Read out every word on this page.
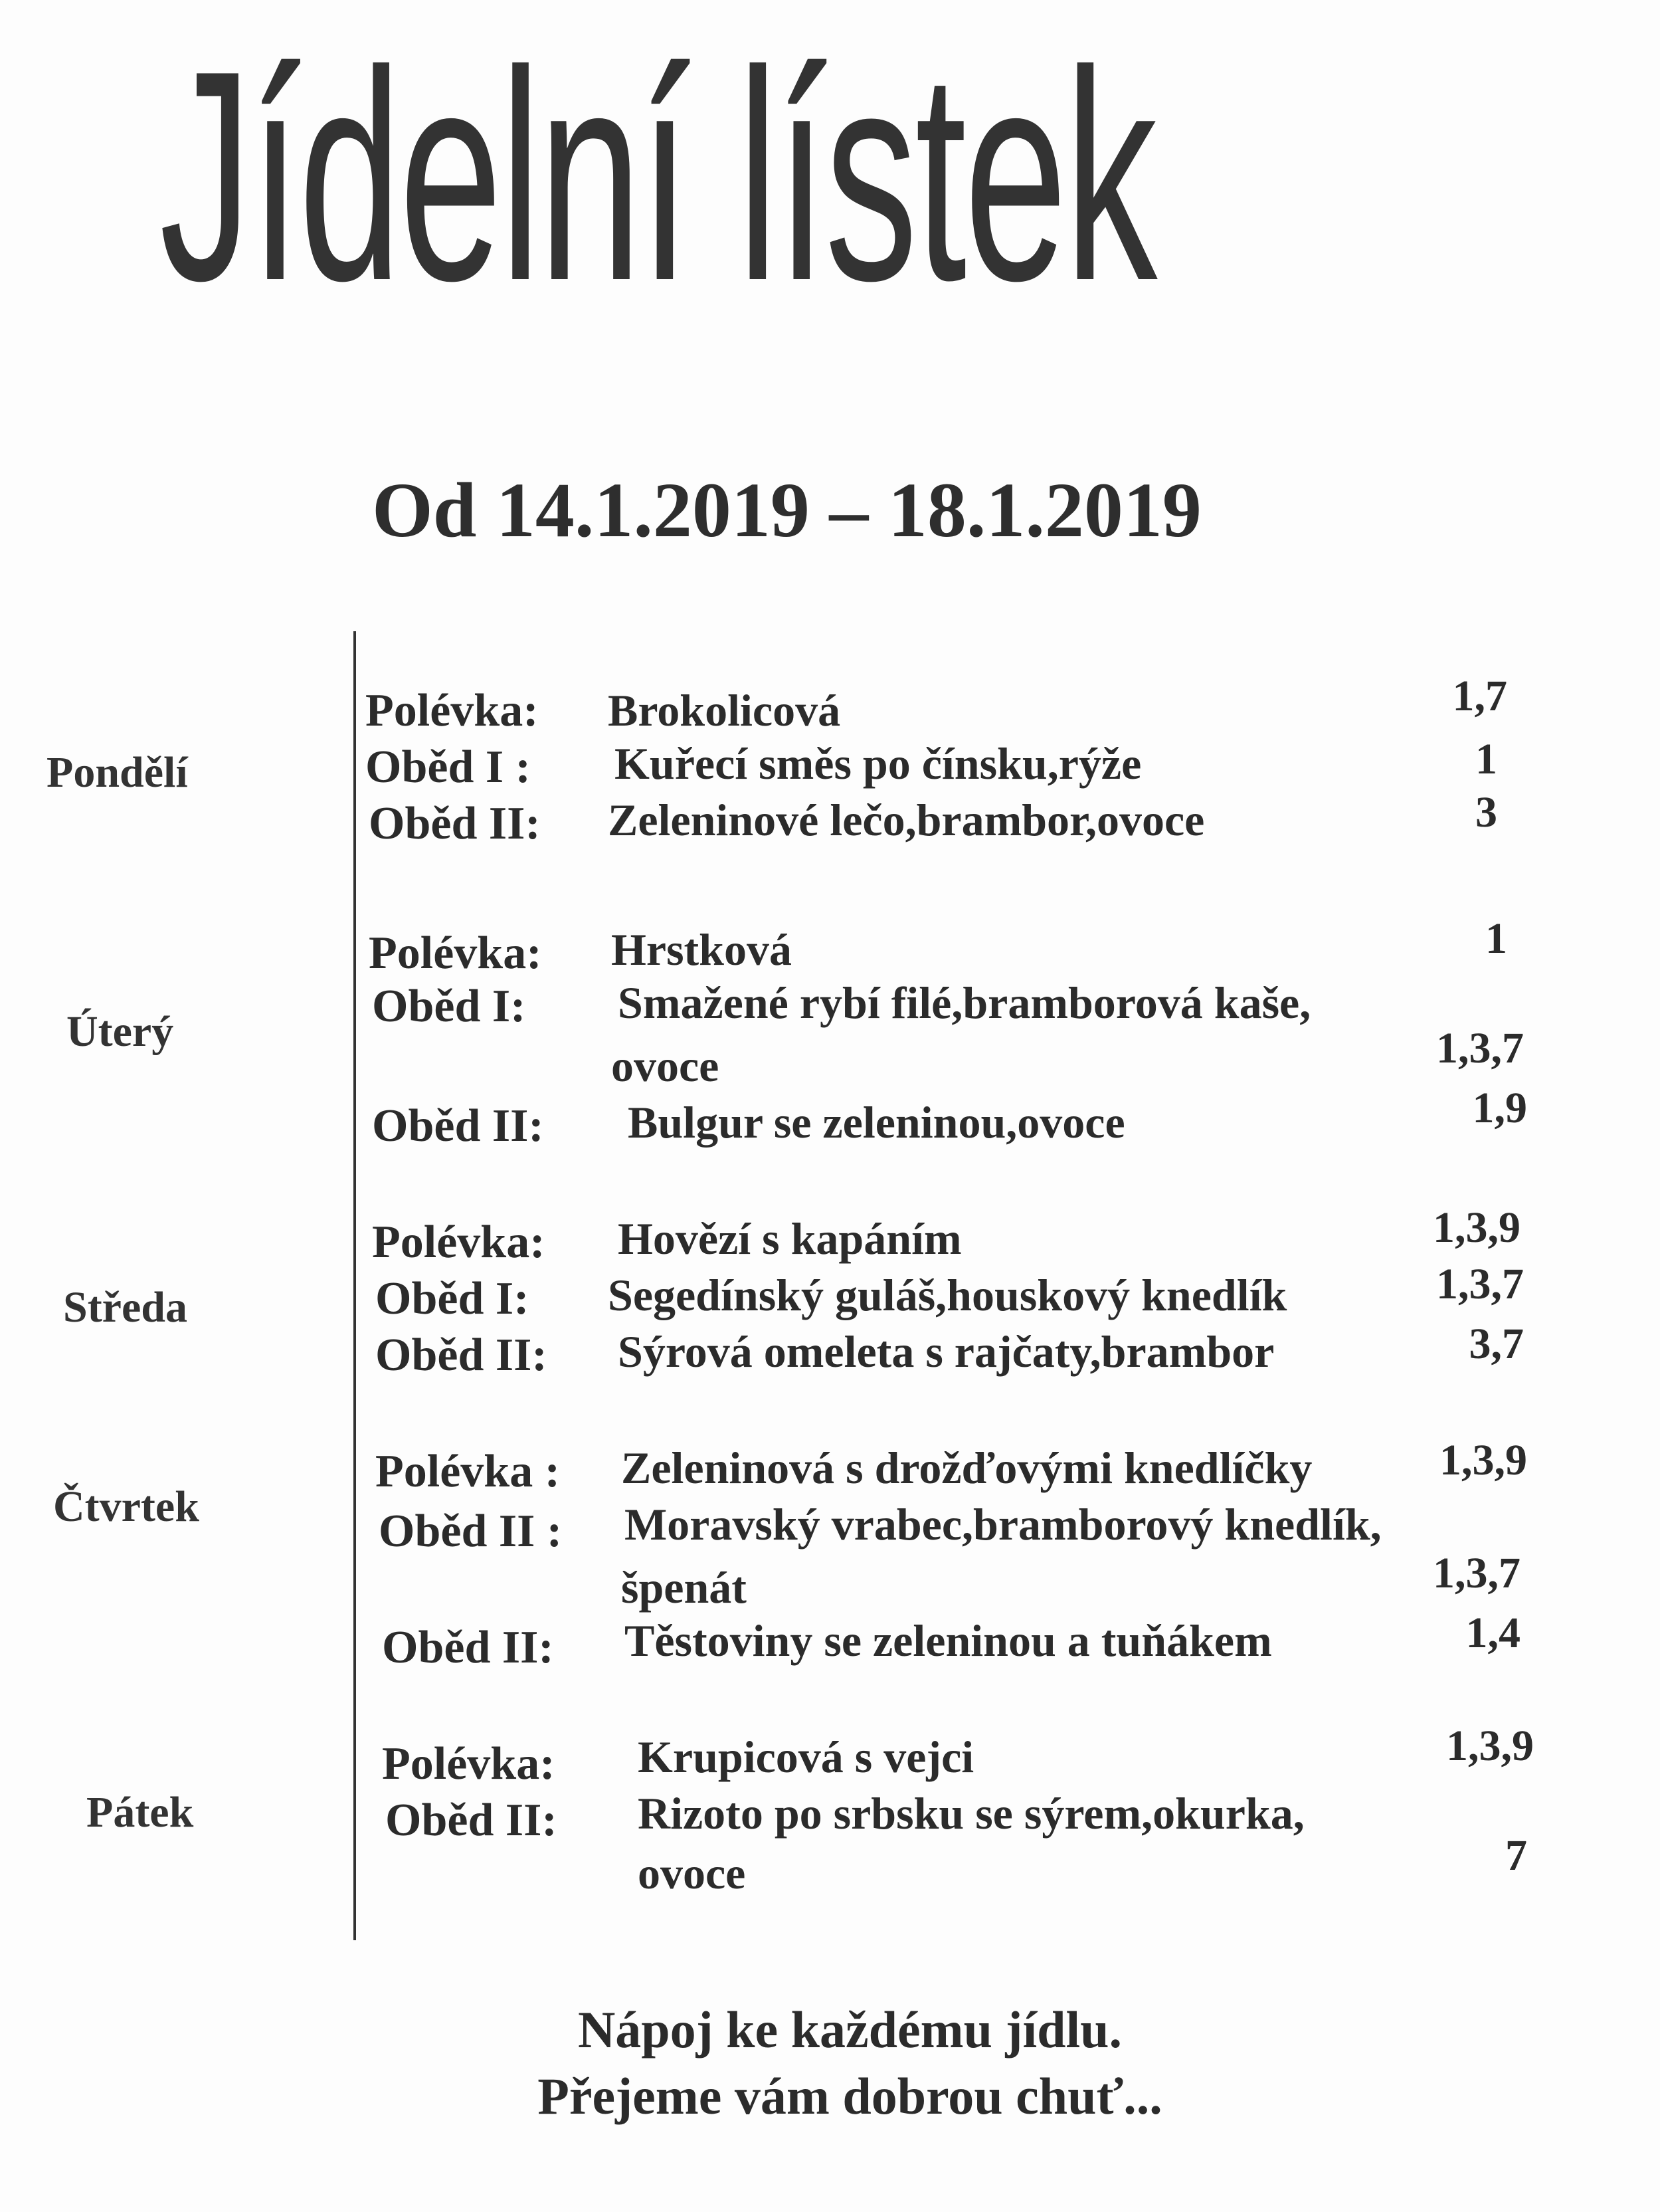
Jídelní lístek
Od 14.1.2019 – 18.1.2019
Pondělí
Polévka: Brokolicová	1,7
Oběd I : Kuřecí směs po čínsku,rýže	1
Oběd II: Zeleninové lečo,brambor,ovoce	3
Úterý
Polévka: Hrstková	1
Oběd I: Smažené rybí filé,bramborová kaše,
ovoce	1,3,7
Oběd II: Bulgur se zeleninou,ovoce	1,9
Středa
Polévka: Hovězí s kapáním	1,3,9
Oběd I: Segedínský guláš,houskový knedlík	1,3,7
Oběd II: Sýrová omeleta s rajčaty,brambor	3,7
Čtvrtek
Polévka : Zeleninová s drožďovými knedlíčky	1,3,9
Oběd II : Moravský vrabec,bramborový knedlík,
špenát	1,3,7
Oběd II: Těstoviny se zeleninou a tuňákem	1,4
Pátek
Polévka: Krupicová s vejci	1,3,9
Oběd II: Rizoto po srbsku se sýrem,okurka,
ovoce	7
Nápoj ke každému jídlu.
Přejeme vám dobrou chuť...
